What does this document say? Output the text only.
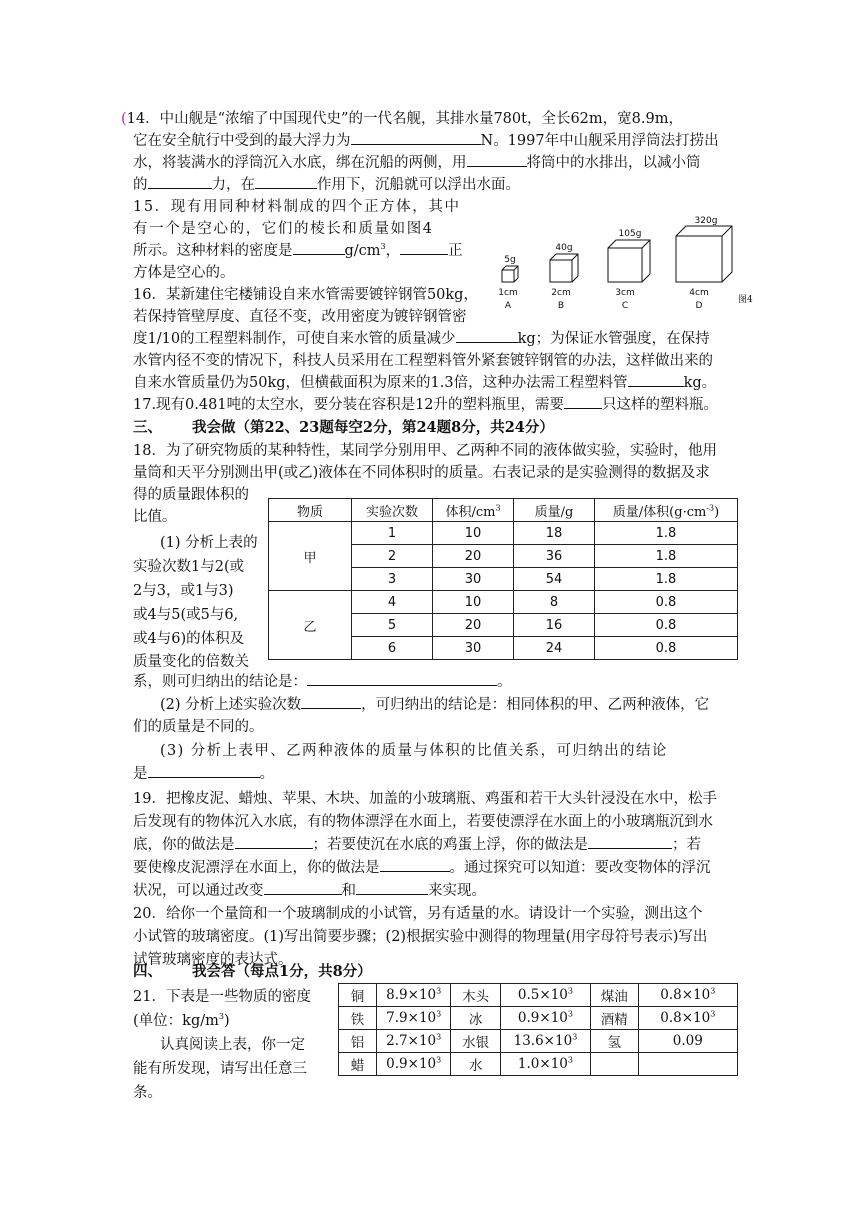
(14．中山舰是“浓缩了中国现代史”的一代名舰，其排水量780t，全长62m，宽8.9m，
它在安全航行中受到的最大浮力为	N。1997年中山舰采用浮筒法打捞出
水，将装满水的浮筒沉入水底，绑在沉船的两侧，用	将筒中的水排出，以减小筒
的	力，在	作用下，沉船就可以浮出水面。
15．现有用同种材料制成的四个正方体，其中
有一个是空心的，它们的棱长和质量如图4
所示。这种材料的密度是	$g/cm^3$，	正
方体是空心的。
5g
1cm
A
40g
2cm
B
105g
3cm
C
320g
4cm
D
图4
16．某新建住宅楼铺设自来水管需要镀锌钢管50kg，
若保持管壁厚度、直径不变，改用密度为镀锌钢管密
度1/10的工程塑料制作，可使自来水管的质量减少	kg；为保证水管强度，在保持
水管内径不变的情况下，科技人员采用在工程塑料管外紧套镀锌钢管的办法，这样做出来的
自来水管质量仍为50kg，但横截面积为原来的1.3倍，这种办法需工程塑料管	kg。
17.现有0.481吨的太空水，要分装在容积是12升的塑料瓶里，需要	只这样的塑料瓶。
三、 我会做（第22、23题每空2分，第24题8分，共24分）
18．为了研究物质的某种特性，某同学分别用甲、乙两种不同的液体做实验，实验时，他用
量筒和天平分别测出甲(或乙)液体在不同体积时的质量。右表记录的是实验测得的数据及求
得的质量跟体积的
比值。
(1) 分析上表的
实验次数1与2(或
2与3，或1与3)
或4与5(或5与6,
或4与6)的体积及
质量变化的倍数关
系，则可归纳出的结论是：	。
(2) 分析上述实验次数	，可归纳出的结论是：相同体积的甲、乙两种液体，它
们的质量是不同的。
(3) 分析上表甲、乙两种液体的质量与体积的比值关系，可归纳出的结论
是	。
物质	实验次数	体积$/cm^3$	质量/g	质量/体积$(g\cdot cm^{-3})$
甲	1	10	18	1.8
	2	20	36	1.8
	3	30	54	1.8
乙	4	10	8	0.8
	5	20	16	0.8
	6	30	24	0.8
19．把橡皮泥、蜡烛、苹果、木块、加盖的小玻璃瓶、鸡蛋和若干大头针浸没在水中，松手
后发现有的物体沉入水底，有的物体漂浮在水面上，若要使漂浮在水面上的小玻璃瓶沉到水
底，你的做法是	；若要使沉在水底的鸡蛋上浮，你的做法是	；若
要使橡皮泥漂浮在水面上，你的做法是	。通过探究可以知道：要改变物体的浮沉
状况，可以通过改变	和	来实现。
20．给你一个量筒和一个玻璃制成的小试管，另有适量的水。请设计一个实验，测出这个
小试管的玻璃密度。(1)写出简要步骤；(2)根据实验中测得的物理量(用字母符号表示)写出
试管玻璃密度的表达式。
四、 我会答（每点1分，共8分）
21．下表是一些物质的密度
(单位：$kg/m^3$)
认真阅读上表，你一定
能有所发现，请写出任意三
条。
铜	$8.9\times 10^3$	木头	$0.5\times 10^3$	煤油	$0.8\times 10^3$
铁	$7.9\times 10^3$	冰	$0.9\times 10^3$	酒精	$0.8\times 10^3$
铝	$2.7\times 10^3$	水银	$13.6\times 10^3$	氢	0.09
蜡	$0.9\times 10^3$	水	$1.0\times 10^3$		
